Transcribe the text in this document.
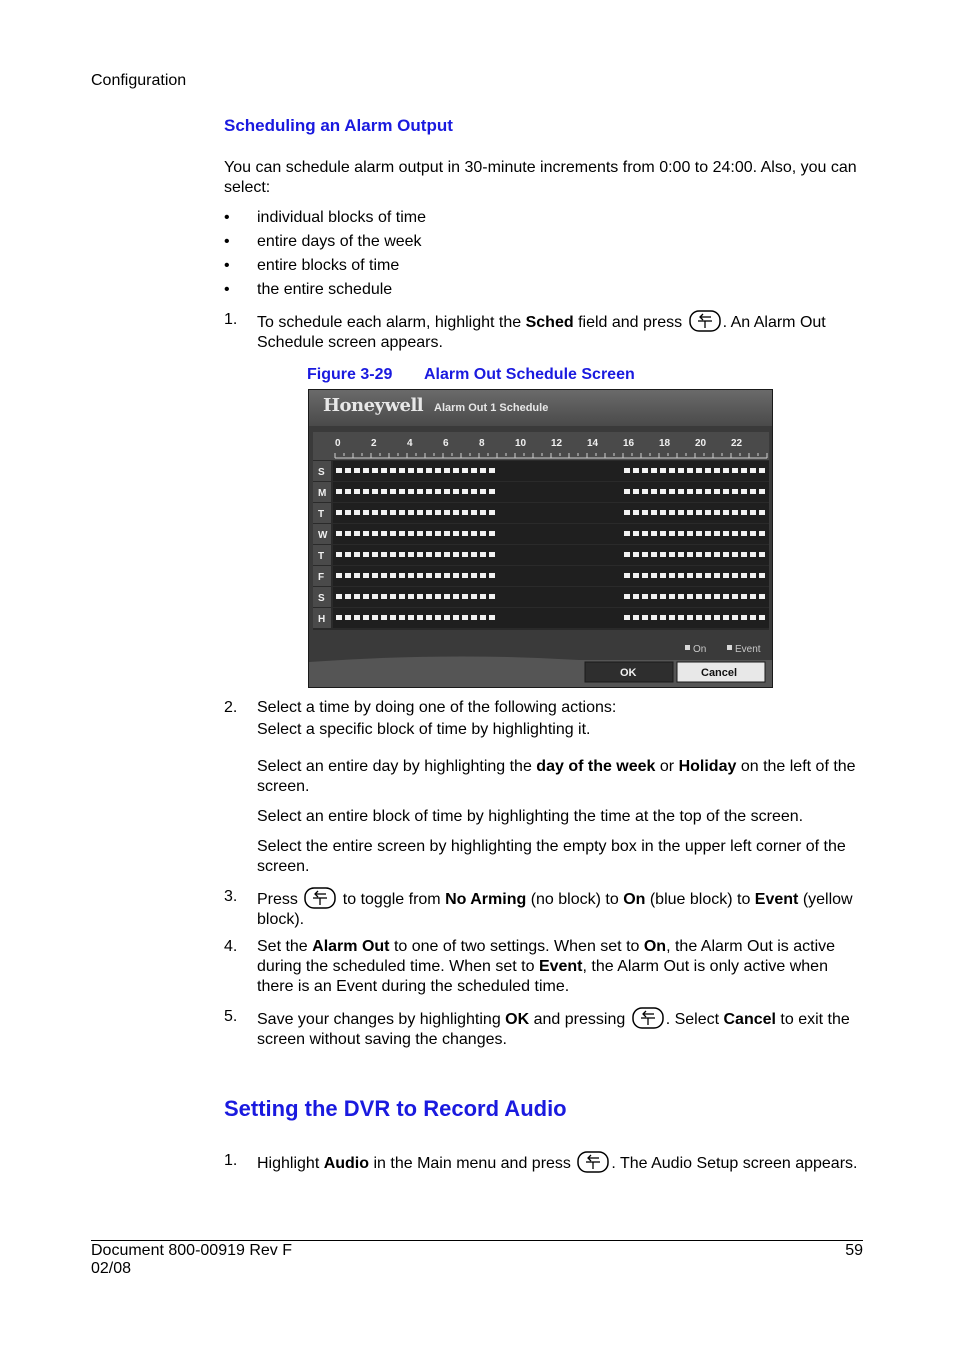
Configuration
Scheduling an Alarm Output
You can schedule alarm output in 30-minute increments from 0:00 to 24:00. Also, you can select:
• individual blocks of time
• entire days of the week
• entire blocks of time
• the entire schedule
1. To schedule each alarm, highlight the Sched field and press . An Alarm Out Schedule screen appears.
Figure 3-29 Alarm Out Schedule Screen
Honeywell Alarm Out 1 Schedule
0	2	4	6	8	10 12 14 16 18 20 22
S
M
T
W
T
F
S
H
On	Event
OK	Cancel
2. Select a time by doing one of the following actions:
Select a specific block of time by highlighting it.
Select an entire day by highlighting the day of the week or Holiday on the left of the screen.
Select an entire block of time by highlighting the time at the top of the screen.
Select the entire screen by highlighting the empty box in the upper left corner of the screen.
3. Press  to toggle from No Arming (no block) to On (blue block) to Event (yellow block).
4. Set the Alarm Out to one of two settings. When set to On, the Alarm Out is active during the scheduled time. When set to Event, the Alarm Out is only active when there is an Event during the scheduled time.
5. Save your changes by highlighting OK and pressing . Select Cancel to exit the screen without saving the changes.
Setting the DVR to Record Audio
1. Highlight Audio in the Main menu and press . The Audio Setup screen appears.
Document 800-00919 Rev F
02/08
59
